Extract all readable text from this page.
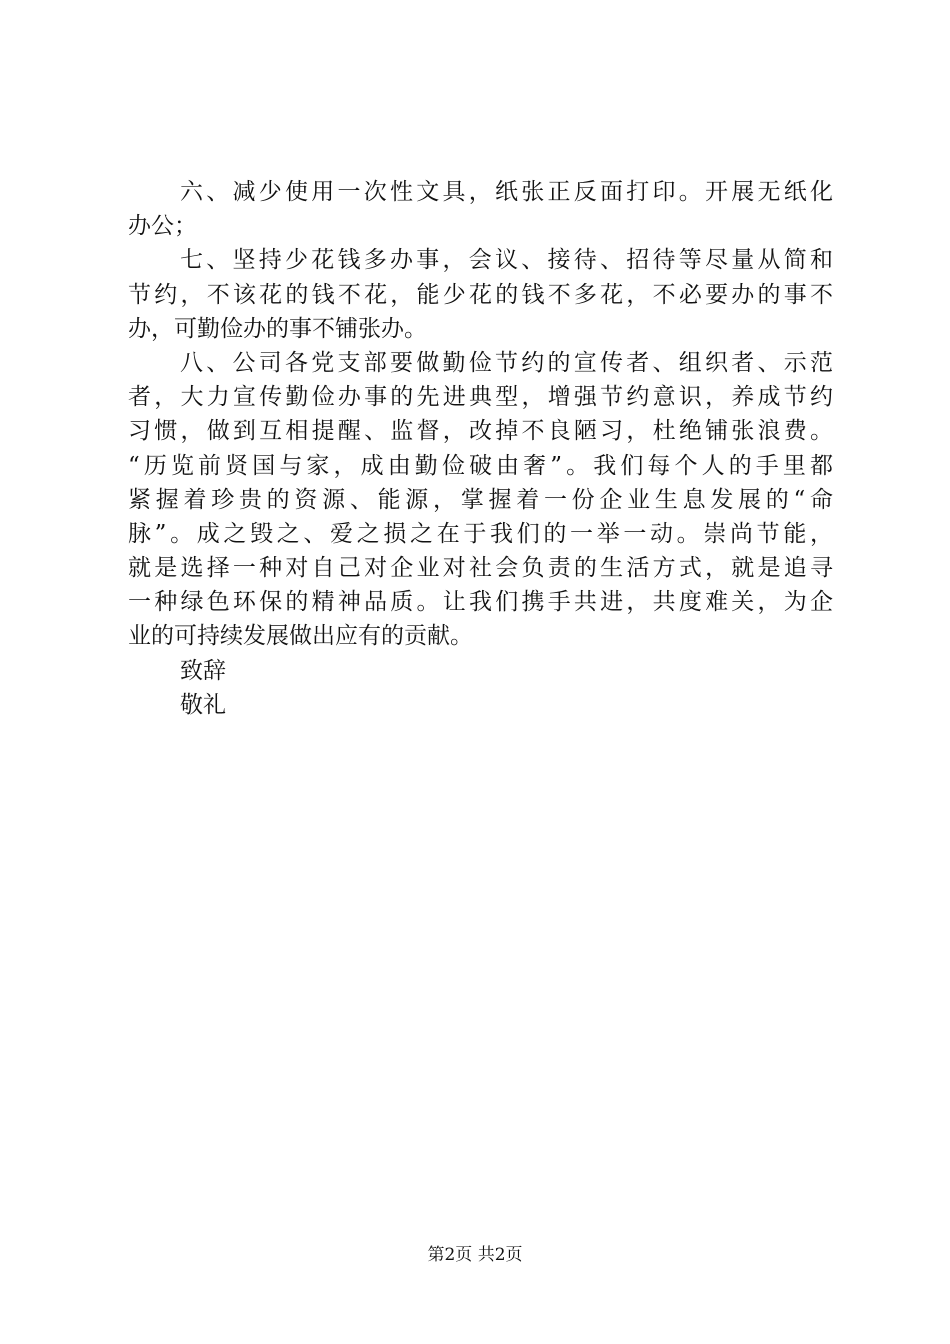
六、减少使用一次性文具，纸张正反面打印。开展无纸化
办公；
七、坚持少花钱多办事，会议、接待、招待等尽量从简和
节约，不该花的钱不花，能少花的钱不多花，不必要办的事不
办，可勤俭办的事不铺张办。
八、公司各党支部要做勤俭节约的宣传者、组织者、示范
者，大力宣传勤俭办事的先进典型，增强节约意识，养成节约
习惯，做到互相提醒、监督，改掉不良陋习，杜绝铺张浪费。
“历览前贤国与家，成由勤俭破由奢”。我们每个人的手里都
紧握着珍贵的资源、能源，掌握着一份企业生息发展的“命
脉”。成之毁之、爱之损之在于我们的一举一动。崇尚节能，
就是选择一种对自己对企业对社会负责的生活方式，就是追寻
一种绿色环保的精神品质。让我们携手共进，共度难关，为企
业的可持续发展做出应有的贡献。
致辞
敬礼
第2页 共2页
